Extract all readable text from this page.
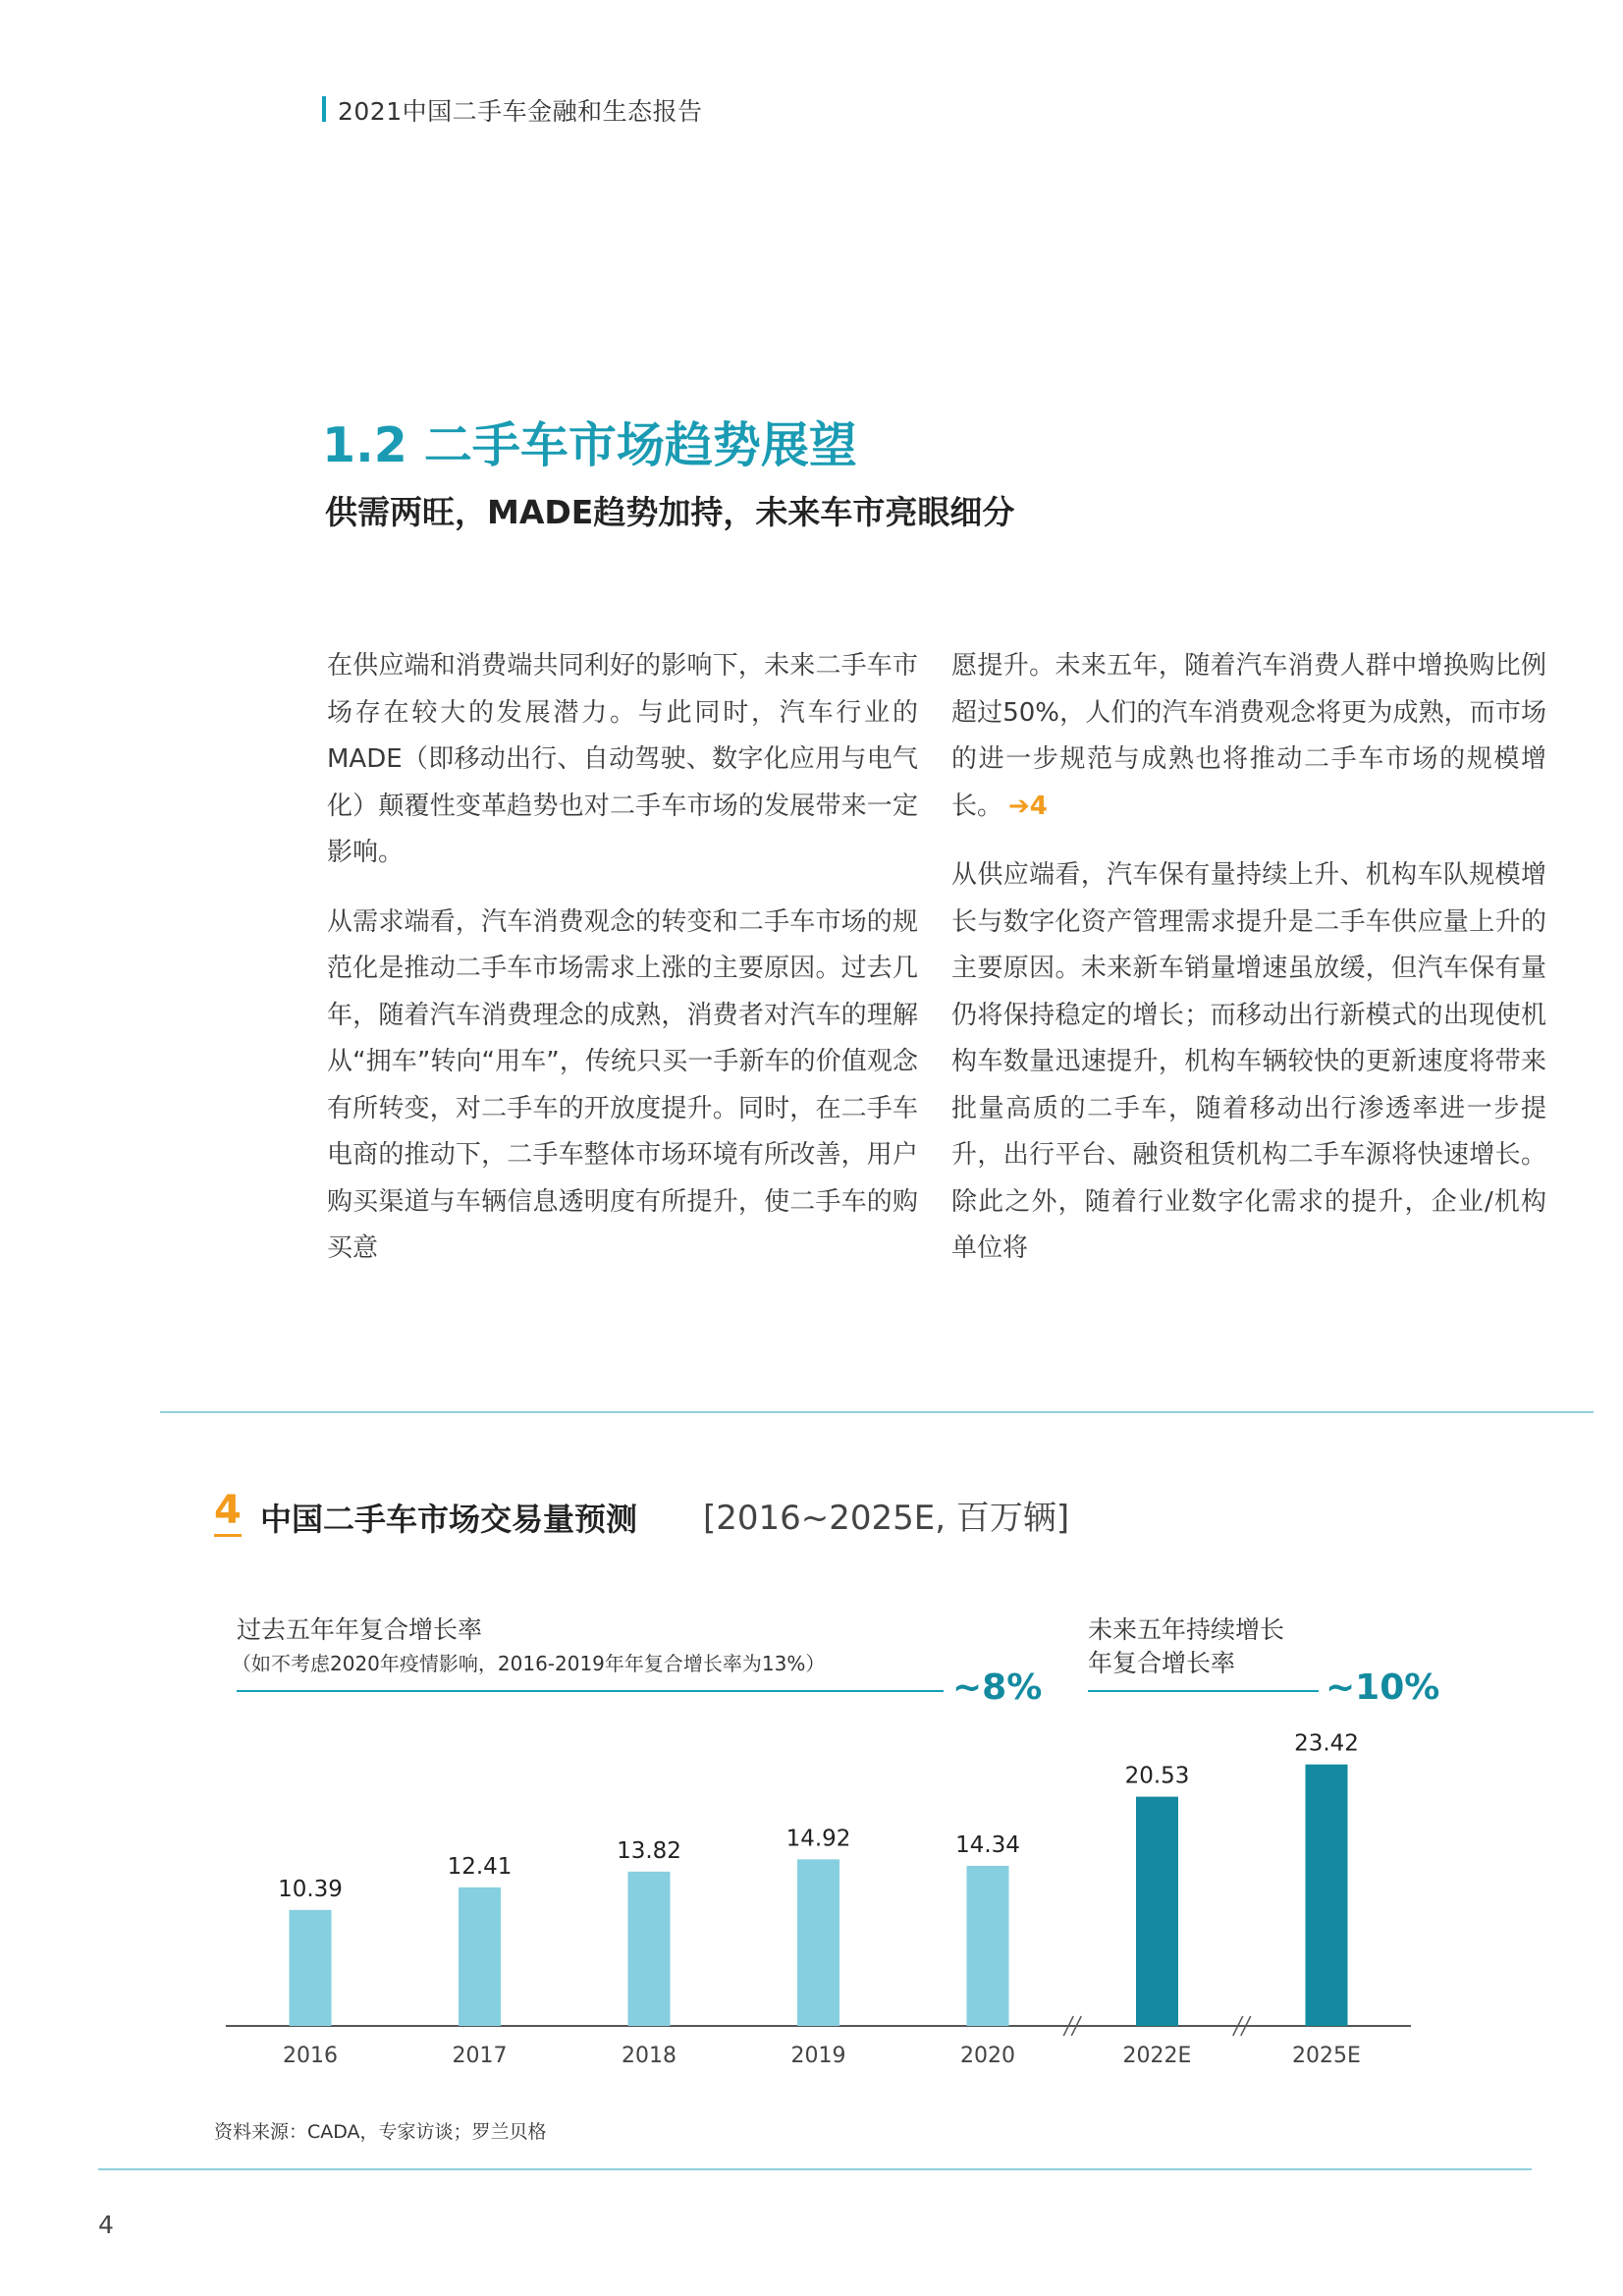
2021中国二手车金融和生态报告
1.2 二手车市场趋势展望
供需两旺，MADE趋势加持，未来车市亮眼细分

在供应端和消费端共同利好的影响下，未来二手车市场存在较大的发展潜力。与此同时，汽车行业的MADE（即移动出行、自动驾驶、数字化应用与电气化）颠覆性变革趋势也对二手车市场的发展带来一定影响。

从需求端看，汽车消费观念的转变和二手车市场的规范化是推动二手车市场需求上涨的主要原因。过去几年，随着汽车消费理念的成熟，消费者对汽车的理解从“拥车”转向“用车”，传统只买一手新车的价值观念有所转变，对二手车的开放度提升。同时，在二手车电商的推动下，二手车整体市场环境有所改善，用户购买渠道与车辆信息透明度有所提升，使二手车的购买意

愿提升。未来五年，随着汽车消费人群中增换购比例超过50%，人们的汽车消费观念将更为成熟，而市场的进一步规范与成熟也将推动二手车市场的规模增长。 ➔4

从供应端看，汽车保有量持续上升、机构车队规模增长与数字化资产管理需求提升是二手车供应量上升的主要原因。未来新车销量增速虽放缓，但汽车保有量仍将保持稳定的增长；而移动出行新模式的出现使机构车数量迅速提升，机构车辆较快的更新速度将带来批量高质的二手车，随着移动出行渗透率进一步提升，出行平台、融资租赁机构二手车源将快速增长。除此之外，随着行业数字化需求的提升，企业/机构单位将

4 中国二手车市场交易量预测 [2016~2025E, 百万辆]
过去五年年复合增长率
（如不考虑2020年疫情影响，2016-2019年年复合增长率为13%）
~8%
未来五年持续增长
年复合增长率
~10%
10.39
2016
12.41
2017
13.82
2018
14.92
2019
14.34
2020
20.53
2022E
23.42
2025E
资料来源：CADA，专家访谈；罗兰贝格
4
